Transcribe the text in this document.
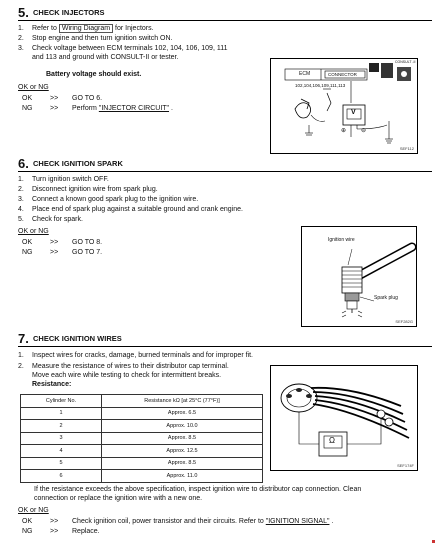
5. CHECK INJECTORS
1. Refer to Wiring Diagram for Injectors.
2. Stop engine and then turn ignition switch ON.
3. Check voltage between ECM terminals 102, 104, 106, 109, 111
and 113 and ground with CONSULT-II or tester.
Battery voltage should exist.
OK or NG
OK	>> GO TO 6.
NG	>> Perform "INJECTOR CIRCUIT" .
ECM	CONNECTOR
102,104,106,109,111,113
CONSULT -II
V
⊕ ⊖
SEF112
6. CHECK IGNITION SPARK
1. Turn ignition switch OFF.
2. Disconnect ignition wire from spark plug.
3. Connect a known good spark plug to the ignition wire.
4. Place end of spark plug against a suitable ground and crank engine.
5. Check for spark.
OK or NG
OK	>> GO TO 8.
NG	>> GO TO 7.
Ignition wire
Spark plug
SEF282G
7. CHECK IGNITION WIRES
1. Inspect wires for cracks, damage, burned terminals and for improper fit.
2. Measure the resistance of wires to their distributor cap terminal.
Move each wire while testing to check for intermittent breaks.
Resistance:
Cylinder No.	Resistance kΩ [at 25°C (77°F)]
1	Approx. 6.5
2	Approx. 10.0
3	Approx. 8.5
4	Approx. 12.5
5	Approx. 8.5
6	Approx. 11.0
Ω
SEF174F
If the resistance exceeds the above specification, inspect ignition wire to distributor cap connection. Clean
connection or replace the ignition wire with a new one.
OK or NG
OK	>> Check ignition coil, power transistor and their circuits. Refer to "IGNITION SIGNAL" .
NG	>> Replace.
